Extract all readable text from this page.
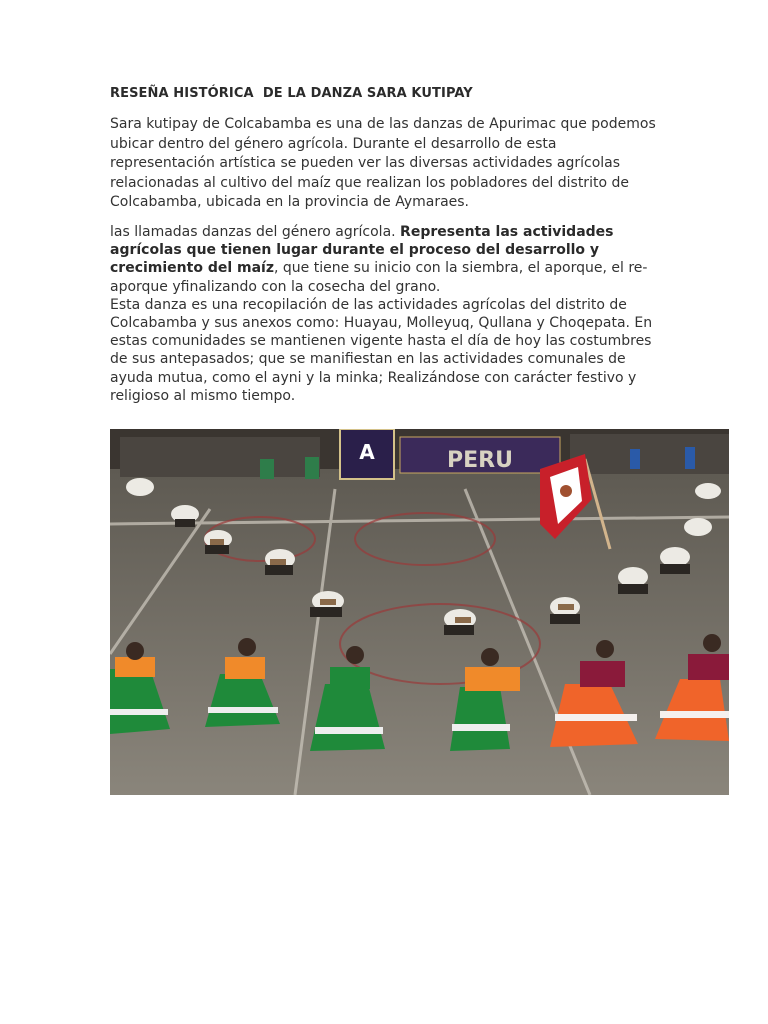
RESEÑA HISTÓRICA  DE LA DANZA SARA KUTIPAY
Sara kutipay de Colcabamba es una de las danzas de Apurimac que podemos ubicar dentro del género agrícola. Durante el desarrollo de esta representación artística se pueden ver las diversas actividades agrícolas relacionadas al cultivo del maíz que realizan los pobladores del distrito de Colcabamba, ubicada en la provincia de Aymaraes.
las llamadas danzas del género agrícola. Representa las actividades agrícolas que tienen lugar durante el proceso del desarrollo y crecimiento del maíz, que tiene su inicio con la siembra, el aporque, el re-aporque yfinalizando con la cosecha del grano.
Esta danza es una recopilación de las actividades agrícolas del distrito de Colcabamba y sus anexos como: Huayau, Molleyuq, Qullana y Choqepata. En estas comunidades se mantienen vigente hasta el día de hoy las costumbres de sus antepasados; que se manifiestan en las actividades comunales de ayuda mutua, como el ayni y la minka; Realizándose con carácter festivo y religioso al mismo tiempo.
A	PERU
